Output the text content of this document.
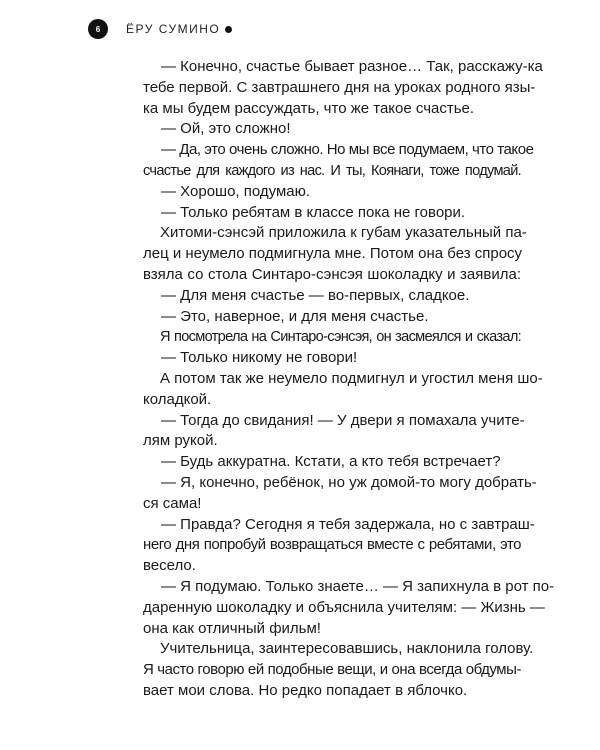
6	ЁРУ СУМИНО
— Конечно, счастье бывает разное… Так, расскажу-ка
тебе первой. С завтрашнего дня на уроках родного язы-
ка мы будем рассуждать, что же такое счастье.
— Ой, это сложно!
— Да, это очень сложно. Но мы все подумаем, что такое
счастье для каждого из нас. И ты, Коянаги, тоже подумай.
— Хорошо, подумаю.
— Только ребятам в классе пока не говори.
Хитоми-сэнсэй приложила к губам указательный па-
лец и неумело подмигнула мне. Потом она без спросу
взяла со стола Синтаро-сэнсэя шоколадку и заявила:
— Для меня счастье — во-первых, сладкое.
— Это, наверное, и для меня счастье.
Я посмотрела на Синтаро-сэнсэя, он засмеялся и сказал:
— Только никому не говори!
А потом так же неумело подмигнул и угостил меня шо-
коладкой.
— Тогда до свидания! — У двери я помахала учите-
лям рукой.
— Будь аккуратна. Кстати, а кто тебя встречает?
— Я, конечно, ребёнок, но уж домой-то могу добрать-
ся сама!
— Правда? Сегодня я тебя задержала, но с завтраш-
него дня попробуй возвращаться вместе с ребятами, это
весело.
— Я подумаю. Только знаете… — Я запихнула в рот по-
даренную шоколадку и объяснила учителям: — Жизнь —
она как отличный фильм!
Учительница, заинтересовавшись, наклонила голову.
Я часто говорю ей подобные вещи, и она всегда обдумы-
вает мои слова. Но редко попадает в яблочко.
